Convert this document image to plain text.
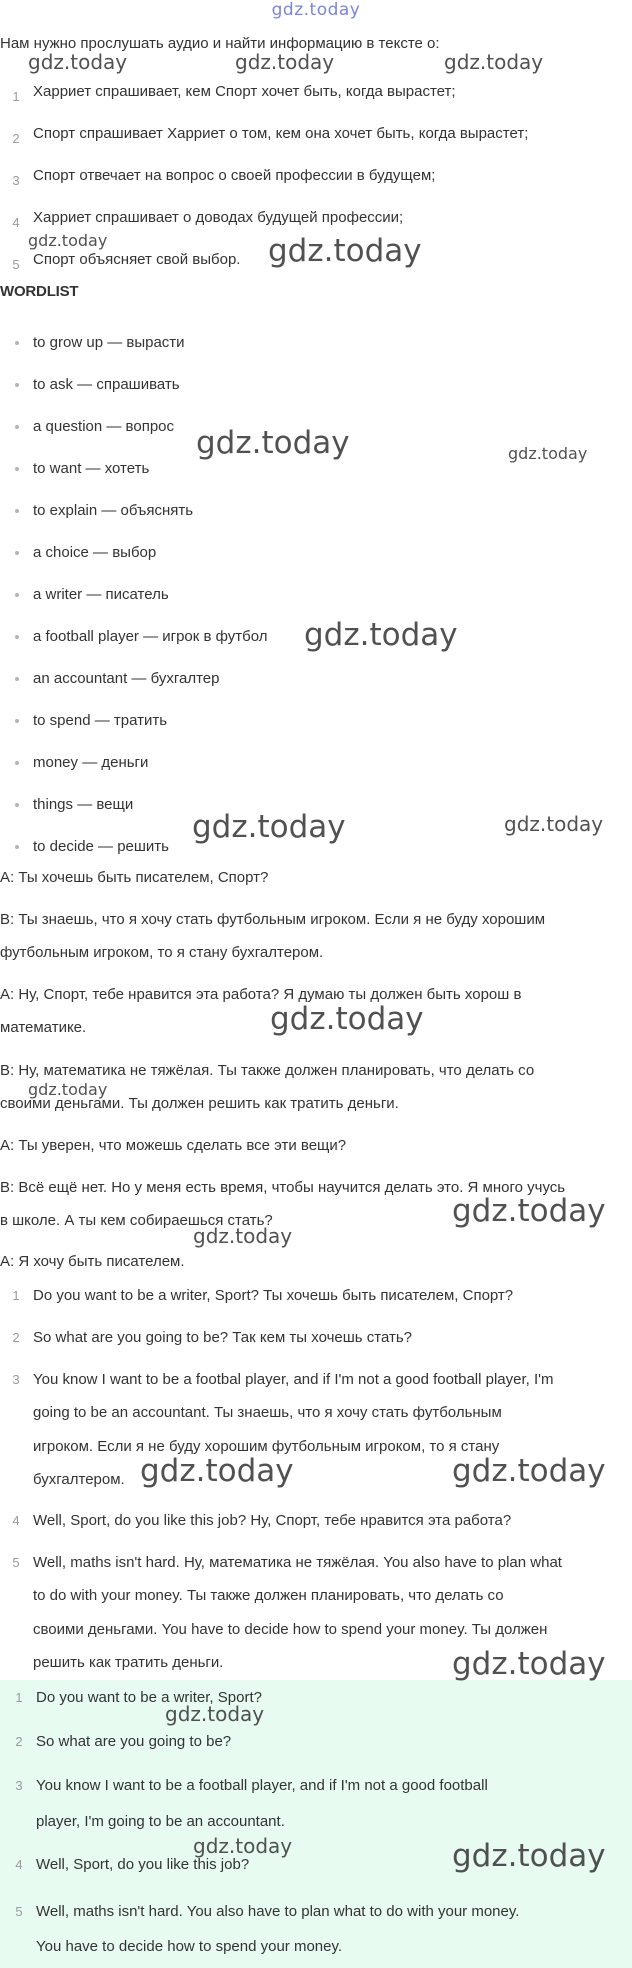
gdz.today

Нам нужно прослушать аудио и найти информацию в тексте о:

1 Харриет спрашивает, кем Спорт хочет быть, когда вырастет;
2 Спорт спрашивает Харриет о том, кем она хочет быть, когда вырастет;
3 Спорт отвечает на вопрос о своей профессии в будущем;
4 Харриет спрашивает о доводах будущей профессии;
5 Спорт объясняет свой выбор.
WORDLIST
to grow up — вырасти
to ask — спрашивать
a question — вопрос
to want — хотеть
to explain — объяснять
a choice — выбор
a writer — писатель
a football player — игрок в футбол
an accountant — бухгалтер
to spend — тратить
money — деньги
things — вещи
to decide — решить
A: Ты хочешь быть писателем, Спорт?
B: Ты знаешь, что я хочу стать футбольным игроком. Если я не буду хорошим
футбольным игроком, то я стану бухгалтером.
A: Ну, Спорт, тебе нравится эта работа? Я думаю ты должен быть хорош в
математике.
B: Ну, математика не тяжёлая. Ты также должен планировать, что делать со
своими деньгами. Ты должен решить как тратить деньги.
A: Ты уверен, что можешь сделать все эти вещи?
B: Всё ещё нет. Но у меня есть время, чтобы научится делать это. Я много учусь
в школе. А ты кем собираешься стать?
A: Я хочу быть писателем.
1 Do you want to be a writer, Sport? Ты хочешь быть писателем, Спорт?
2 So what are you going to be? Так кем ты хочешь стать?
3 You know I want to be a footbal player, and if I'm not a good football player, I'm
going to be an accountant. Ты знаешь, что я хочу стать футбольным
игроком. Если я не буду хорошим футбольным игроком, то я стану
бухгалтером.
4 Well, Sport, do you like this job? Ну, Спорт, тебе нравится эта работа?
5 Well, maths isn't hard. Ну, математика не тяжёлая. You also have to plan what
to do with your money. Ты также должен планировать, что делать со
своими деньгами. You have to decide how to spend your money. Ты должен
решить как тратить деньги.
1 Do you want to be a writer, Sport?
2 So what are you going to be?
3 You know I want to be a football player, and if I'm not a good football
player, I'm going to be an accountant.
4 Well, Sport, do you like this job?
5 Well, maths isn't hard. You also have to plan what to do with your money.
You have to decide how to spend your money.
gdz.today	gdz.today	gdz.today
gdz.today	gdz.today
gdz.today	gdz.today
gdz.today
gdz.today	gdz.today
gdz.today
gdz.today
gdz.today
gdz.today
gdz.today	gdz.today
gdz.today
gdz.today
gdz.today	gdz.today
